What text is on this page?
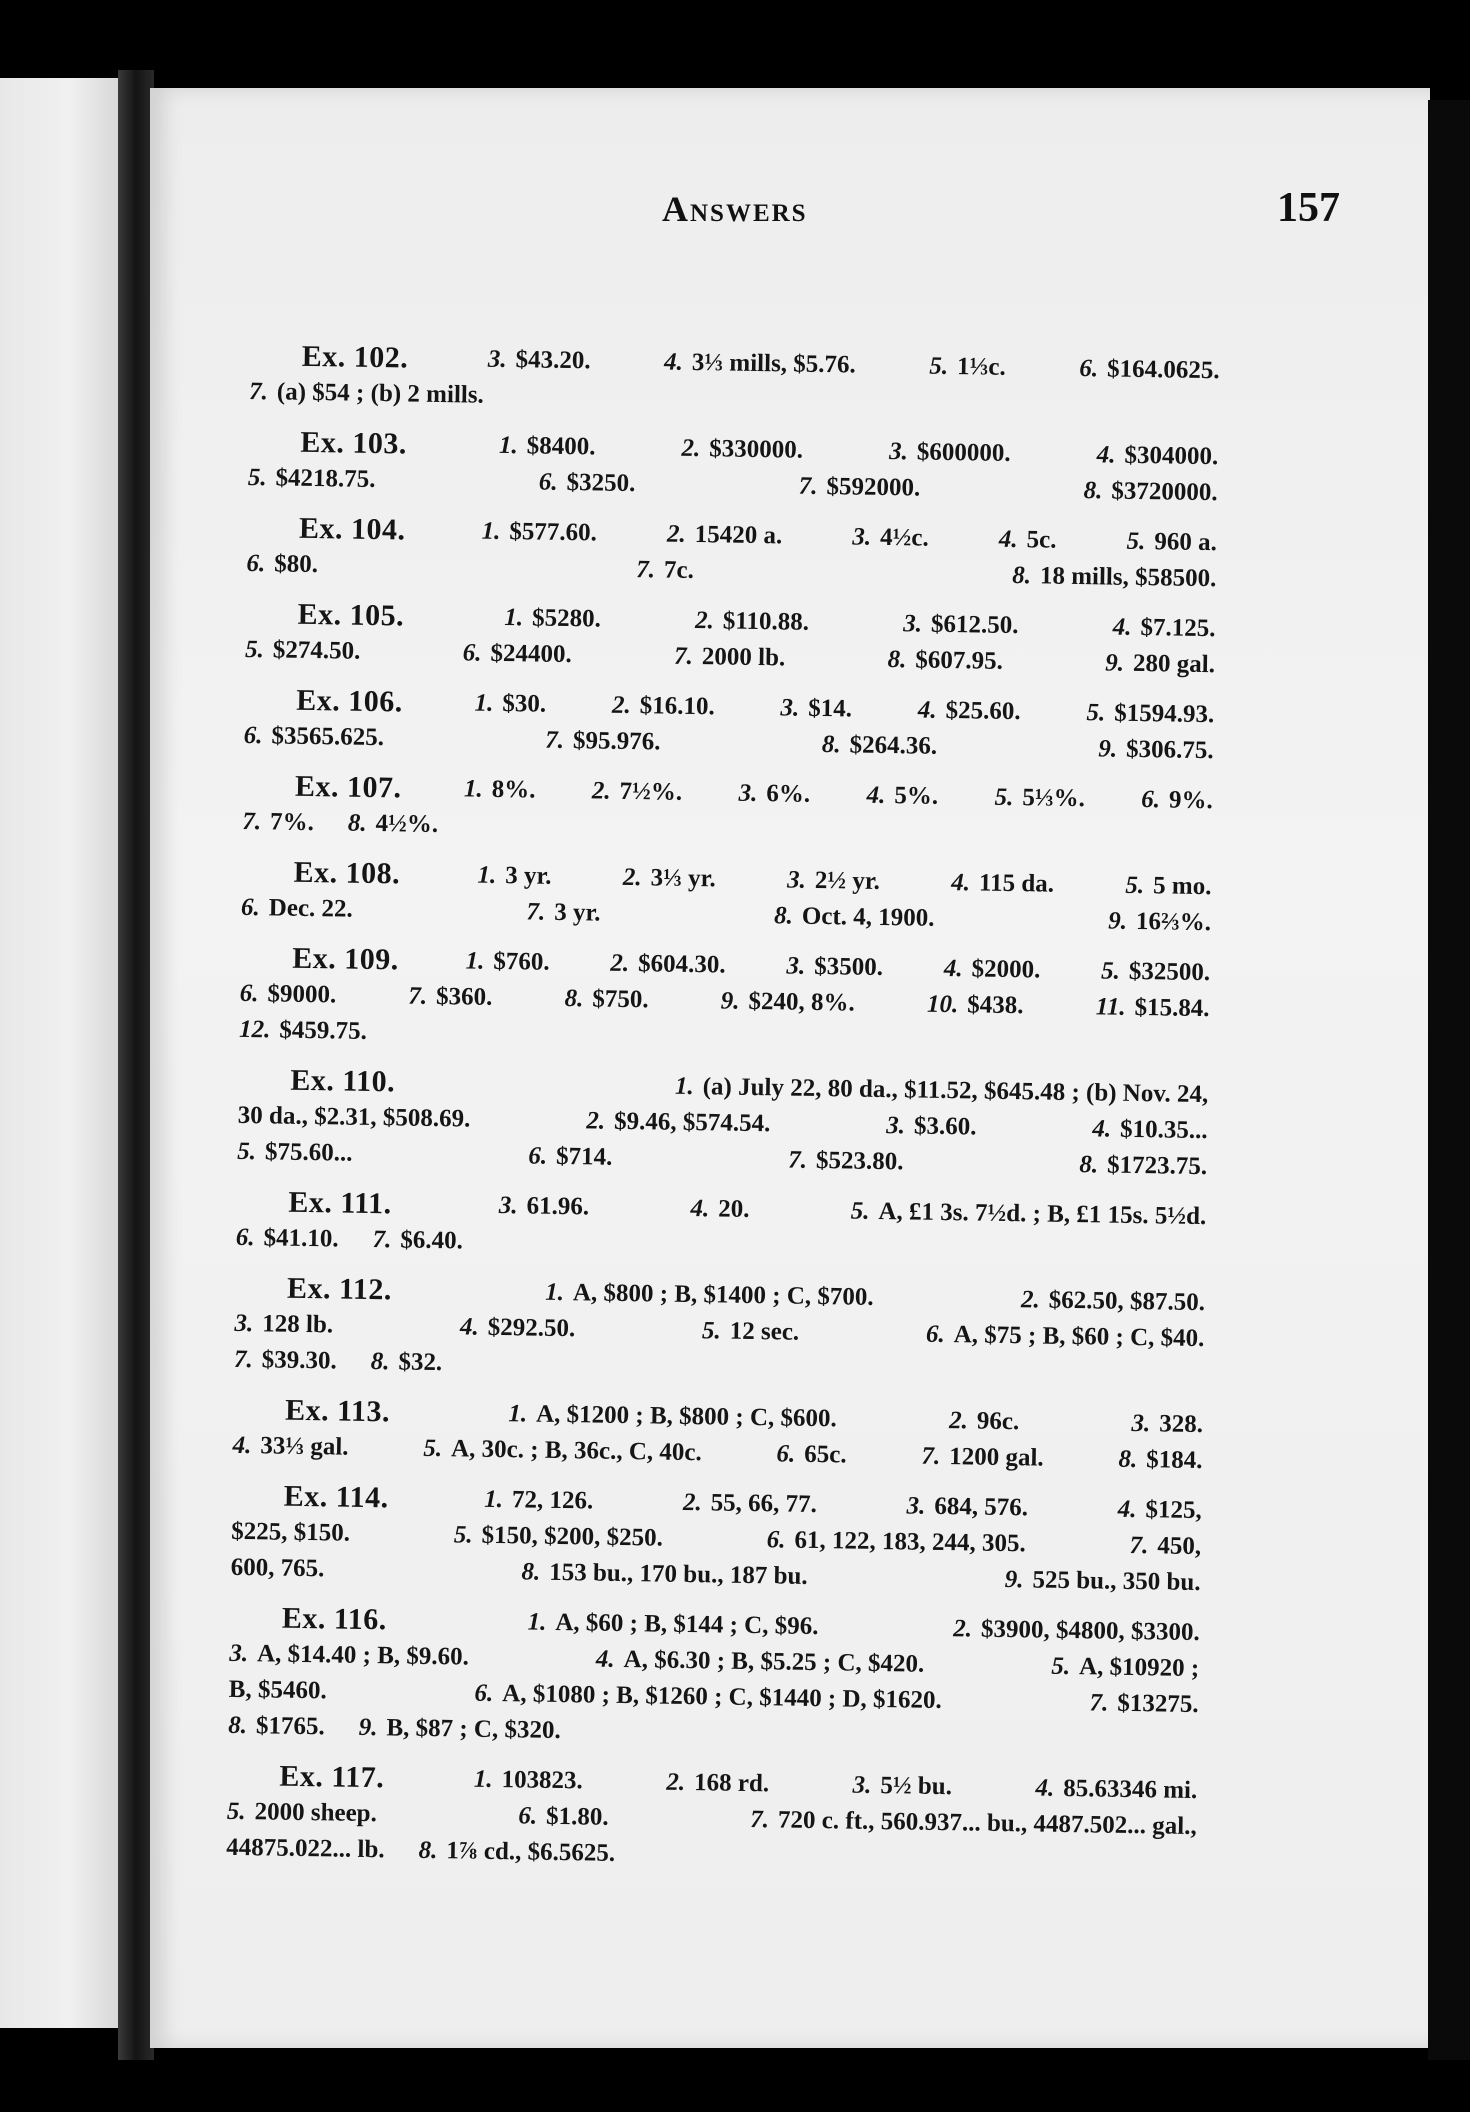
Answers	157
Ex. 102.	3. $43.20.	4. 3⅓ mills, $5.76.	5. 1⅓c.	6. $164.0625.
7. (a) $54 ; (b) 2 mills.
Ex. 103.	1. $8400.	2. $330000.	3. $600000.	4. $304000.
5. $4218.75.	6. $3250.	7. $592000.	8. $3720000.
Ex. 104.	1. $577.60.	2. 15420 a.	3. 4½c.	4. 5c.	5. 960 a.
6. $80.	7. 7c.	8. 18 mills, $58500.
Ex. 105.	1. $5280.	2. $110.88.	3. $612.50.	4. $7.125.
5. $274.50.	6. $24400.	7. 2000 lb.	8. $607.95.	9. 280 gal.
Ex. 106.	1. $30.	2. $16.10.	3. $14.	4. $25.60.	5. $1594.93.
6. $3565.625.	7. $95.976.	8. $264.36.	9. $306.75.
Ex. 107. 1. 8%. 2. 7½%. 3. 6%. 4. 5%. 5. 5⅓%. 6. 9%.
7. 7%. 8. 4½%.
Ex. 108.	1. 3 yr.	2. 3⅓ yr.	3. 2½ yr.	4. 115 da.	5. 5 mo.
6. Dec. 22.	7. 3 yr.	8. Oct. 4, 1900.	9. 16⅔%.
Ex. 109.	1. $760. 2. $604.30. 3. $3500. 4. $2000. 5. $32500.
6. $9000.	7. $360.	8. $750.	9. $240, 8%.	10. $438.	11. $15.84.
12. $459.75.
Ex. 110.	1. (a) July 22, 80 da., $11.52, $645.48 ; (b) Nov. 24,
30 da., $2.31, $508.69.	2. $9.46, $574.54.	3. $3.60.	4. $10.35...
5. $75.60...	6. $714.	7. $523.80.	8. $1723.75.
Ex. 111.	3. 61.96.	4. 20.	5. A, £1 3s. 7½d. ; B, £1 15s. 5½d.
6. $41.10. 7. $6.40.
Ex. 112.	1. A, $800 ; B, $1400 ; C, $700.	2. $62.50, $87.50.
3. 128 lb.	4. $292.50.	5. 12 sec.	6. A, $75 ; B, $60 ; C, $40.
7. $39.30. 8. $32.
Ex. 113.	1. A, $1200 ; B, $800 ; C, $600.	2. 96c.	3. 328.
4. 33⅓ gal.	5. A, 30c. ; B, 36c., C, 40c.	6. 65c.	7. 1200 gal.	8. $184.
Ex. 114.	1. 72, 126.	2. 55, 66, 77.	3. 684, 576.	4. $125,
$225, $150.	5. $150, $200, $250.	6. 61, 122, 183, 244, 305.	7. 450,
600, 765.	8. 153 bu., 170 bu., 187 bu.	9. 525 bu., 350 bu.
Ex. 116.	1. A, $60 ; B, $144 ; C, $96.	2. $3900, $4800, $3300.
3. A, $14.40 ; B, $9.60.	4. A, $6.30 ; B, $5.25 ; C, $420.	5. A, $10920 ;
B, $5460.	6. A, $1080 ; B, $1260 ; C, $1440 ; D, $1620.	7. $13275.
8. $1765. 9. B, $87 ; C, $320.
Ex. 117.	1. 103823.	2. 168 rd.	3. 5½ bu.	4. 85.63346 mi.
5. 2000 sheep.	6. $1.80.	7. 720 c. ft., 560.937... bu., 4487.502... gal.,
44875.022... lb. 8. 1⅞ cd., $6.5625.
